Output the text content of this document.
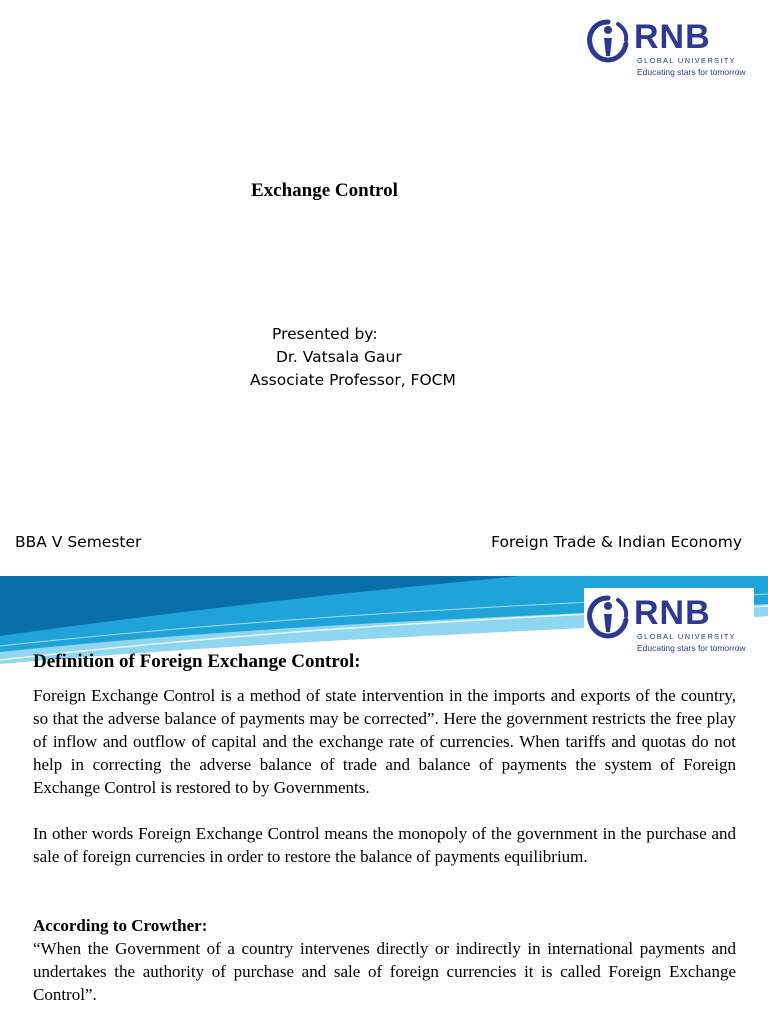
RNB
GLOBAL UNIVERSITY
Educating stars for tomorrow
Exchange Control
Presented by:
Dr. Vatsala Gaur
Associate Professor, FOCM
BBA V Semester	Foreign Trade & Indian Economy
RNB
GLOBAL UNIVERSITY
Educating stars for tomorrow
Definition of Foreign Exchange Control:
Foreign Exchange Control is a method of state intervention in the imports and exports of the country, so that the adverse balance of payments may be corrected”. Here the government restricts the free play of inflow and outflow of capital and the exchange rate of currencies. When tariffs and quotas do not help in correcting the adverse balance of trade and balance of payments the system of Foreign Exchange Control is restored to by Governments.
In other words Foreign Exchange Control means the monopoly of the government in the purchase and sale of foreign currencies in order to restore the balance of payments equilibrium.
According to Crowther:
“When the Government of a country intervenes directly or indirectly in international payments and undertakes the authority of purchase and sale of foreign currencies it is called Foreign Exchange Control”.
